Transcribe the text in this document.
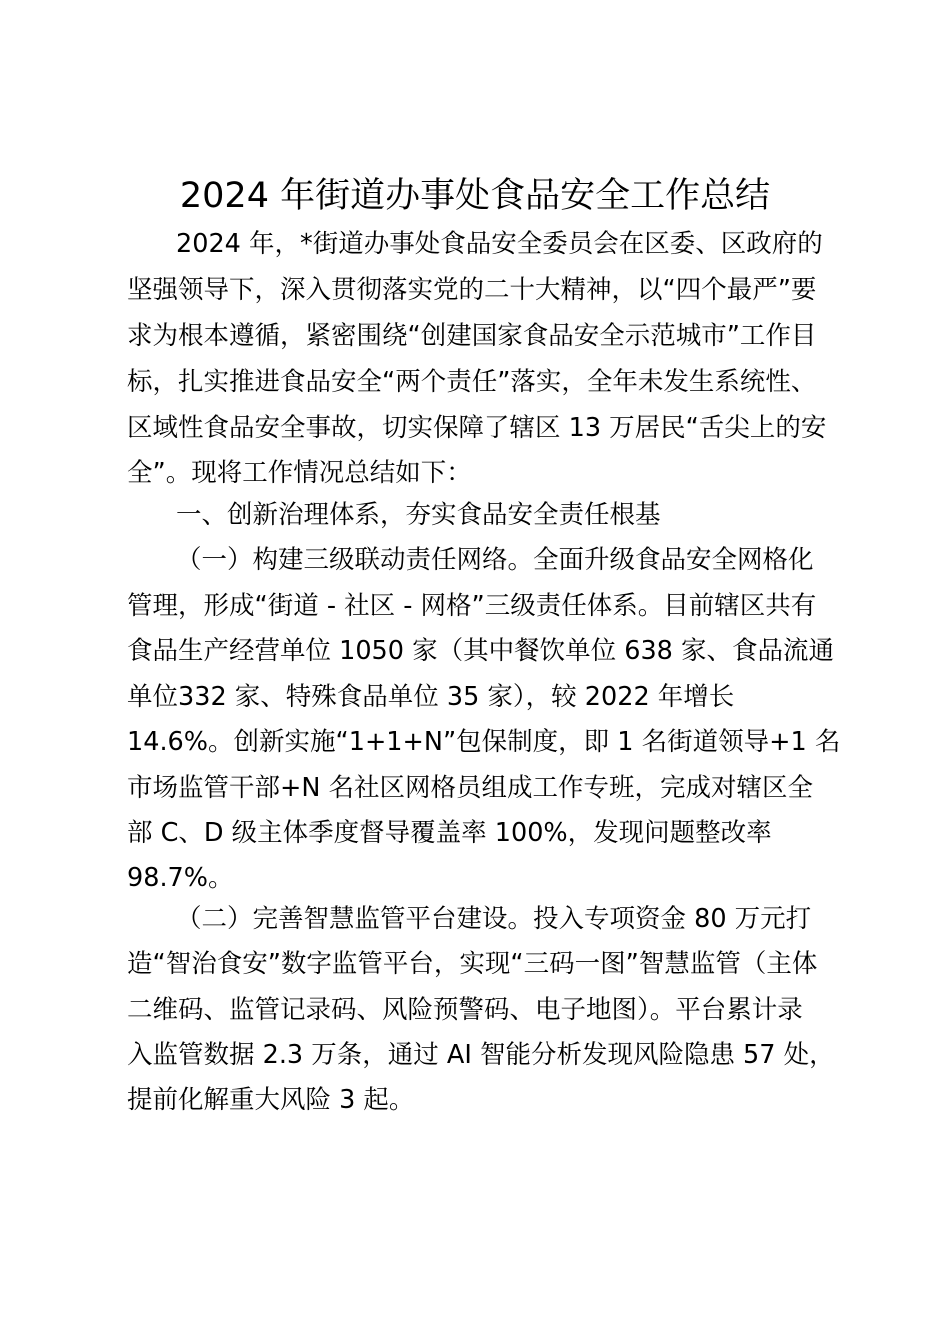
2024 年街道办事处食品安全工作总结

2024 年，*街道办事处食品安全委员会在区委、区政府的

坚强领导下，深入贯彻落实党的二十大精神，以“四个最严”要

求为根本遵循，紧密围绕“创建国家食品安全示范城市”工作目

标，扎实推进食品安全“两个责任”落实，全年未发生系统性、

区域性食品安全事故，切实保障了辖区 13 万居民“舌尖上的安

全”。现将工作情况总结如下：

一、创新治理体系，夯实食品安全责任根基

（一）构建三级联动责任网络。全面升级食品安全网格化

管理，形成“街道 - 社区 - 网格”三级责任体系。目前辖区共有

食品生产经营单位 1050 家（其中餐饮单位 638 家、食品流通

单位332 家、特殊食品单位 35 家），较 2022 年增长

14.6%。创新实施“1+1+N”包保制度，即 1 名街道领导+1 名

市场监管干部+N 名社区网格员组成工作专班，完成对辖区全

部 C、D 级主体季度督导覆盖率 100%，发现问题整改率

98.7%。

（二）完善智慧监管平台建设。投入专项资金 80 万元打

造“智治食安”数字监管平台，实现“三码一图”智慧监管（主体

二维码、监管记录码、风险预警码、电子地图）。平台累计录

入监管数据 2.3 万条，通过 AI 智能分析发现风险隐患 57 处，

提前化解重大风险 3 起。
